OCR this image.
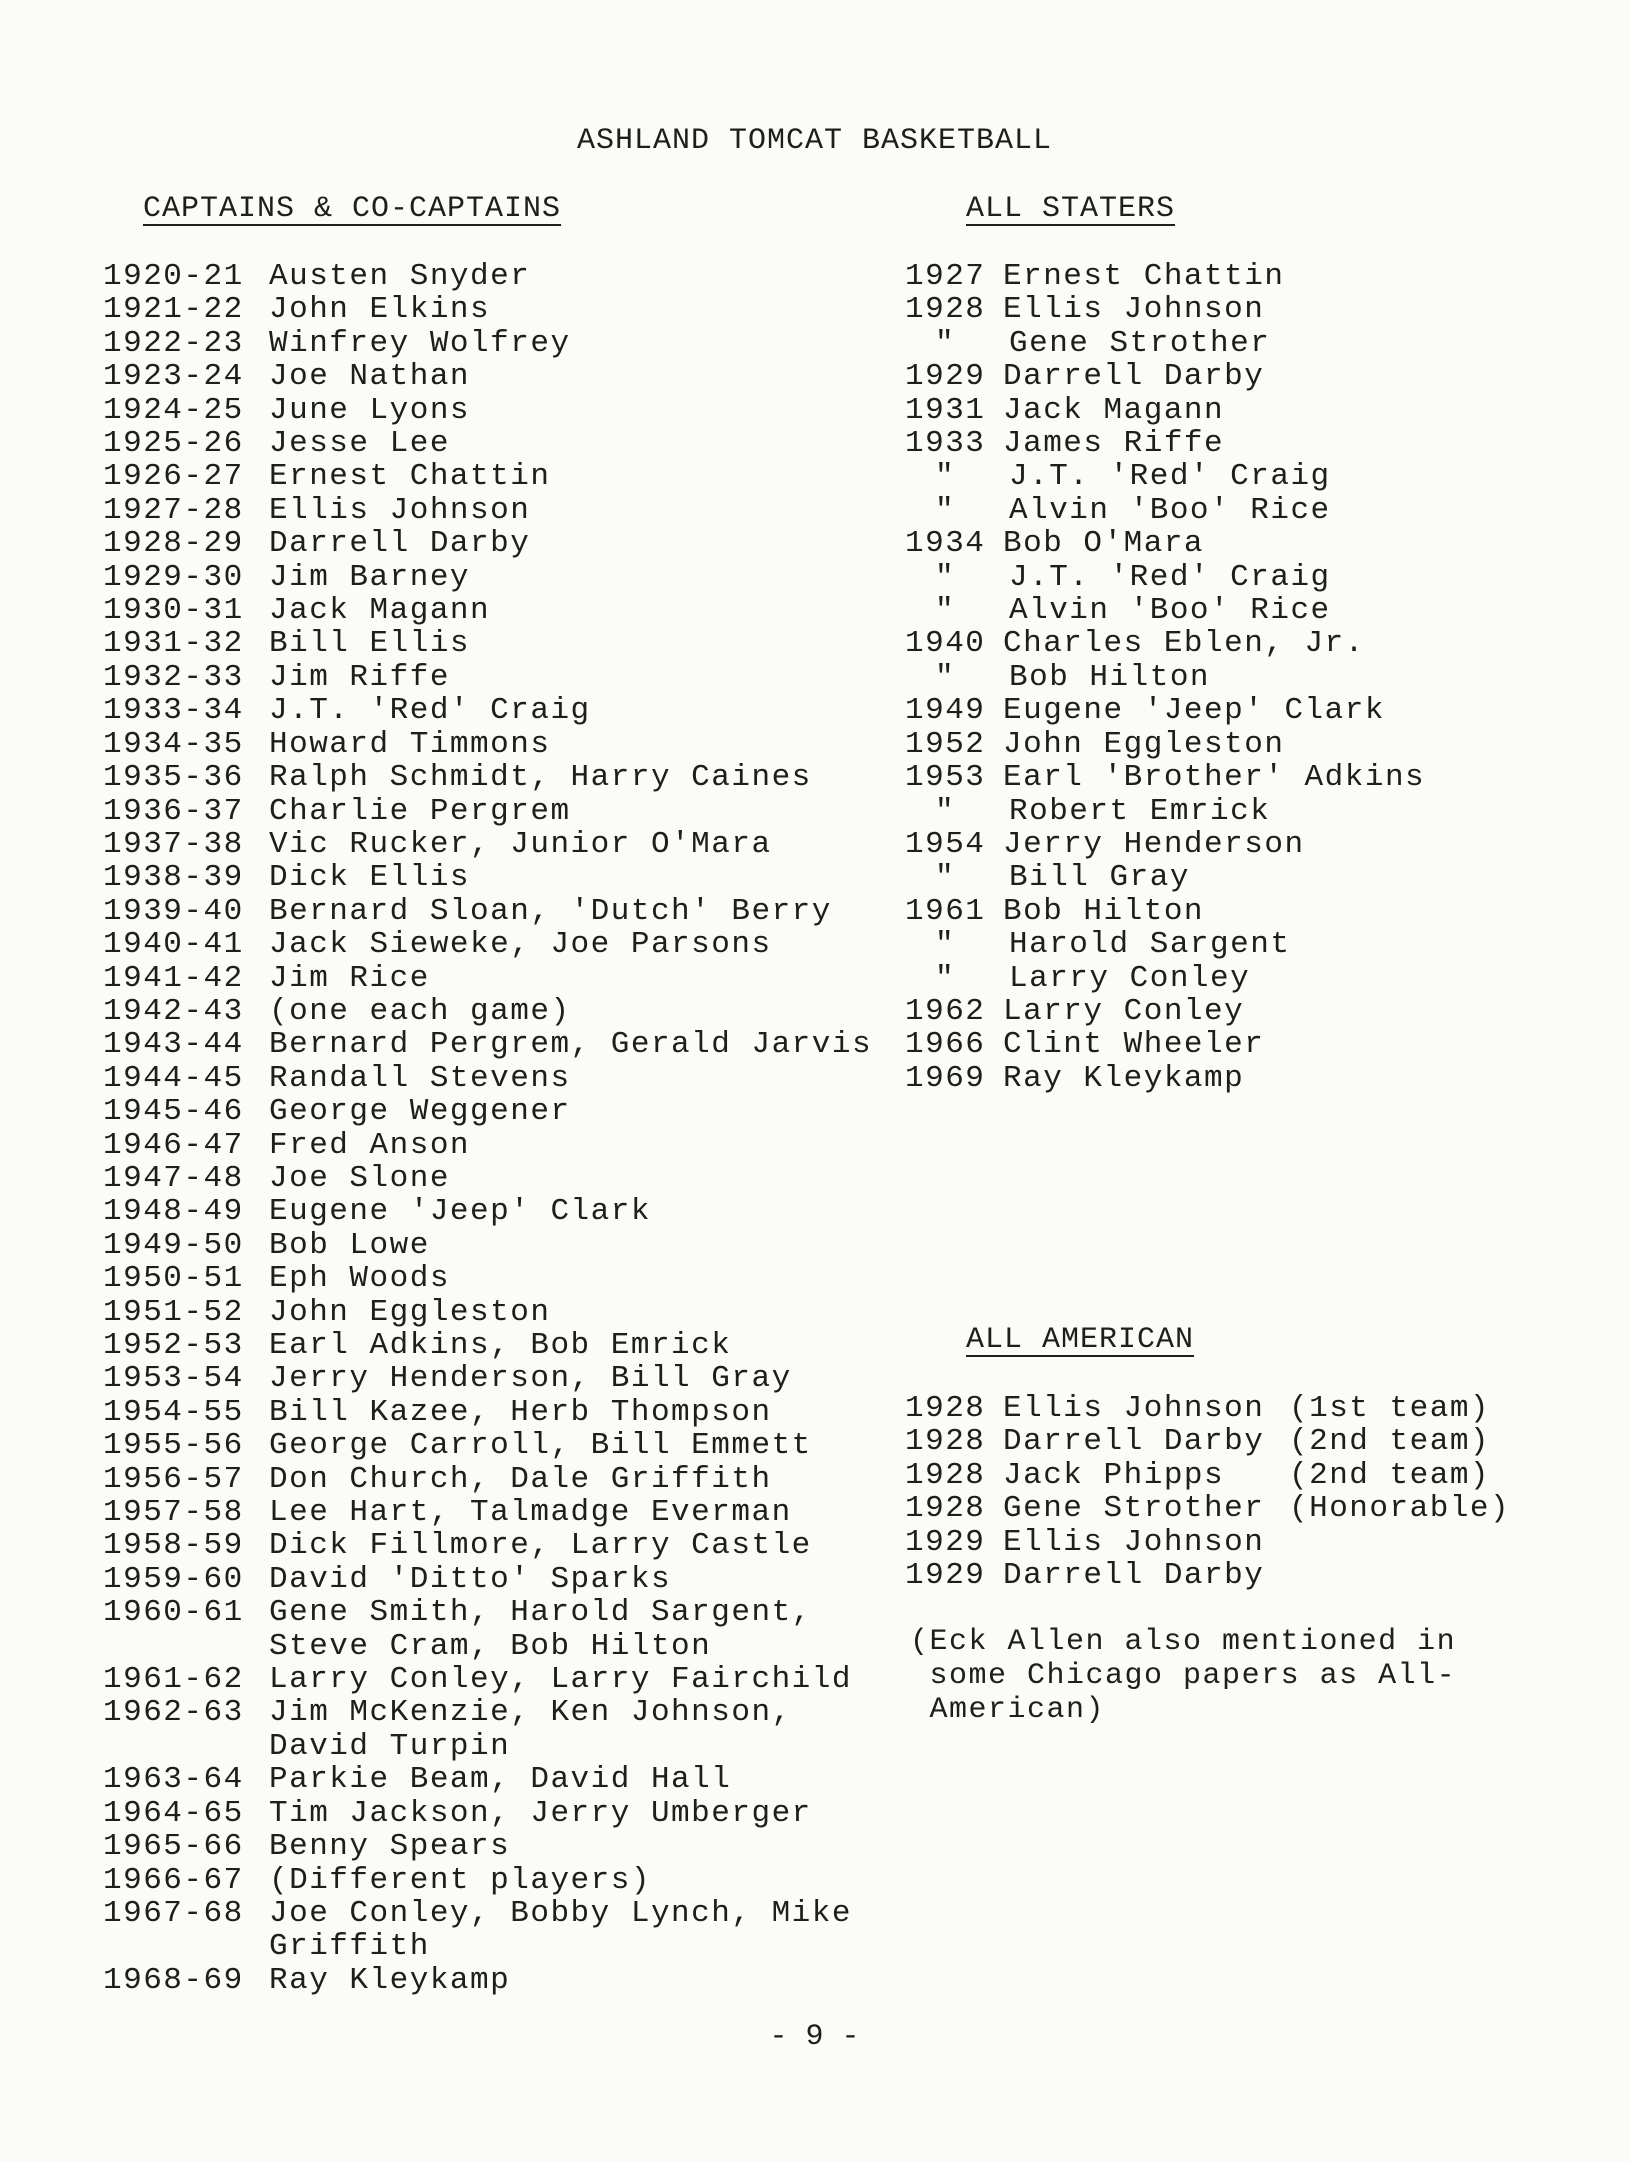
ASHLAND TOMCAT BASKETBALL
CAPTAINS & CO-CAPTAINS	ALL STATERS
ALL AMERICAN
1920-21 Austen Snyder
1921-22 John Elkins
1922-23 Winfrey Wolfrey
1923-24 Joe Nathan
1924-25 June Lyons
1925-26 Jesse Lee
1926-27 Ernest Chattin
1927-28 Ellis Johnson
1928-29 Darrell Darby
1929-30 Jim Barney
1930-31 Jack Magann
1931-32 Bill Ellis
1932-33 Jim Riffe
1933-34 J.T. 'Red' Craig
1934-35 Howard Timmons
1935-36 Ralph Schmidt, Harry Caines
1936-37 Charlie Pergrem
1937-38 Vic Rucker, Junior O'Mara
1938-39 Dick Ellis
1939-40 Bernard Sloan, 'Dutch' Berry
1940-41 Jack Sieweke, Joe Parsons
1941-42 Jim Rice
1942-43 (one each game)
1943-44 Bernard Pergrem, Gerald Jarvis
1944-45 Randall Stevens
1945-46 George Weggener
1946-47 Fred Anson
1947-48 Joe Slone
1948-49 Eugene 'Jeep' Clark
1949-50 Bob Lowe
1950-51 Eph Woods
1951-52 John Eggleston
1952-53 Earl Adkins, Bob Emrick
1953-54 Jerry Henderson, Bill Gray
1954-55 Bill Kazee, Herb Thompson
1955-56 George Carroll, Bill Emmett
1956-57 Don Church, Dale Griffith
1957-58 Lee Hart, Talmadge Everman
1958-59 Dick Fillmore, Larry Castle
1959-60 David 'Ditto' Sparks
1960-61 Gene Smith, Harold Sargent,
Steve Cram, Bob Hilton
1961-62 Larry Conley, Larry Fairchild
1962-63 Jim McKenzie, Ken Johnson,
David Turpin
1963-64 Parkie Beam, David Hall
1964-65 Tim Jackson, Jerry Umberger
1965-66 Benny Spears
1966-67 (Different players)
1967-68 Joe Conley, Bobby Lynch, Mike
Griffith
1968-69 Ray Kleykamp
1927 Ernest Chattin
1928 Ellis Johnson
"	Gene Strother
1929 Darrell Darby
1931 Jack Magann
1933 James Riffe
"	J.T. 'Red' Craig
"	Alvin 'Boo' Rice
1934 Bob O'Mara
"	J.T. 'Red' Craig
"	Alvin 'Boo' Rice
1940 Charles Eblen, Jr.
"	Bob Hilton
1949 Eugene 'Jeep' Clark
1952 John Eggleston
1953 Earl 'Brother' Adkins
"	Robert Emrick
1954 Jerry Henderson
"	Bill Gray
1961 Bob Hilton
"	Harold Sargent
"	Larry Conley
1962 Larry Conley
1966 Clint Wheeler
1969 Ray Kleykamp
1928 Ellis Johnson (1st team)
1928 Darrell Darby (2nd team)
1928 Jack Phipps	(2nd team)
1928 Gene Strother (Honorable)
1929 Ellis Johnson
1929 Darrell Darby
(Eck Allen also mentioned in
some Chicago papers as All-
American)
- 9 -
